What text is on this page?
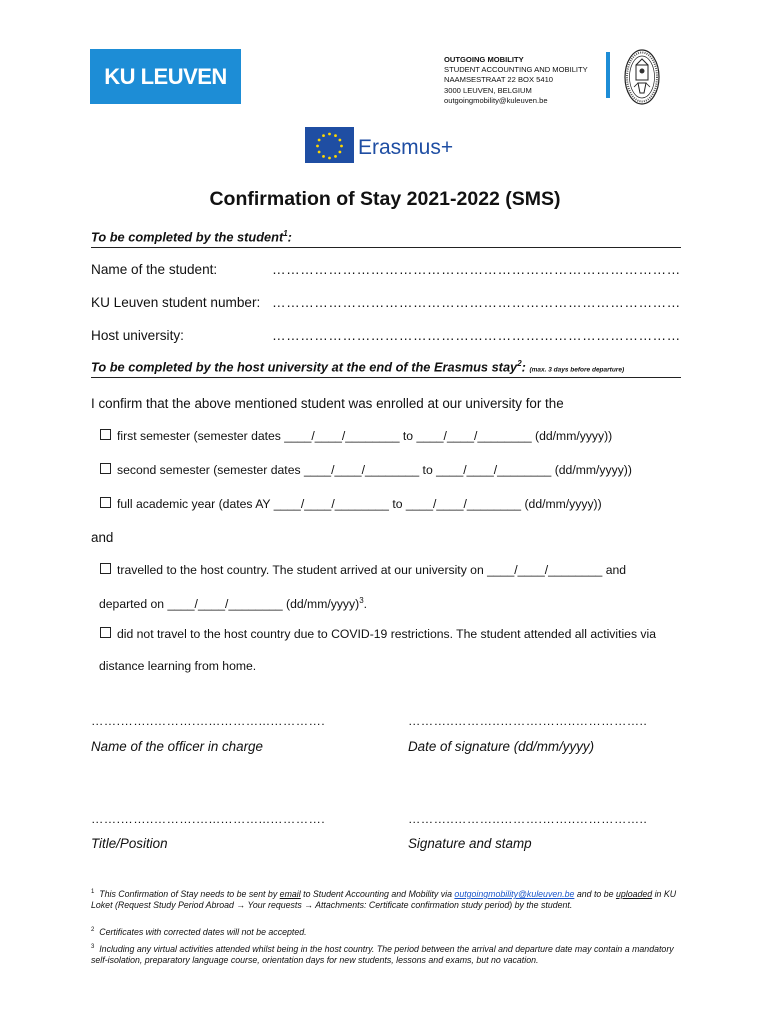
KU LEUVEN
OUTGOING MOBILITY
STUDENT ACCOUNTING AND MOBILITY
NAAMSESTRAAT 22 BOX 5410
3000 LEUVEN, BELGIUM
outgoingmobility@kuleuven.be
Erasmus+
Confirmation of Stay 2021-2022 (SMS)
To be completed by the student$^1$:
Name of the student:	……………………………………………………………………………
KU Leuven student number: ……………………………………………………………………………
Host university:	……………………………………………………………………………
To be completed by the host university at the end of the Erasmus stay$^2$: (max. 3 days before departure)
I confirm that the above mentioned student was enrolled at our university for the
first semester (semester dates ____/____/________ to ____/____/________ (dd/mm/yyyy))
second semester (semester dates ____/____/________ to ____/____/________ (dd/mm/yyyy))
full academic year (dates AY ____/____/________ to ____/____/________ (dd/mm/yyyy))
and
travelled to the host country. The student arrived at our university on ____/____/________ and
departed on ____/____/________ (dd/mm/yyyy)$^3$.
did not travel to the host country due to COVID-19 restrictions. The student attended all activities via
distance learning from home.
…….……..……….…...………...………….	………..………..……….……..……………..
Name of the officer in charge	Date of signature (dd/mm/yyyy)
…….……..……….…...………...………….	………..………..……….……..……………..
Title/Position	Signature and stamp
$^1$ This Confirmation of Stay needs to be sent by email to Student Accounting and Mobility via outgoingmobility@kuleuven.be and to be uploaded in KU Loket (Request Study Period Abroad → Your requests → Attachments: Certificate confirmation study period) by the student.
$^2$ Certificates with corrected dates will not be accepted.
$^3$ Including any virtual activities attended whilst being in the host country. The period between the arrival and departure date may contain a mandatory self-isolation, preparatory language course, orientation days for new students, lessons and exams, but no vacation.
